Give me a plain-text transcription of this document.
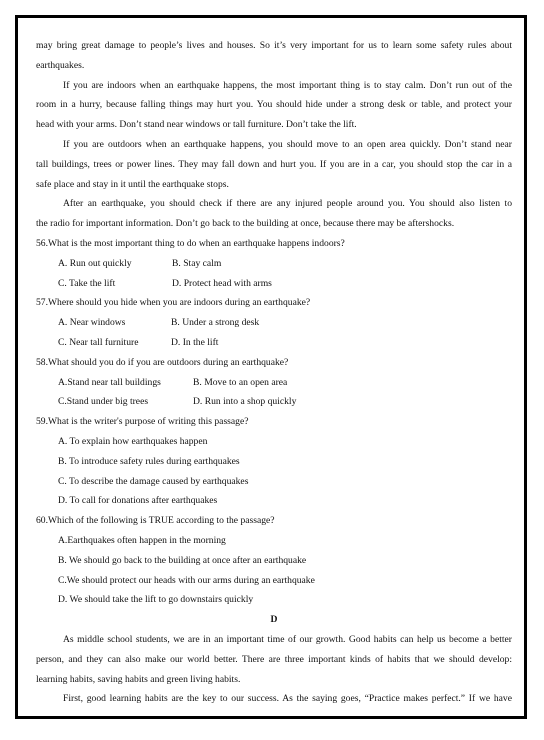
may bring great damage to people’s lives and houses. So it’s very important for us to learn some safety rules about
earthquakes.
If you are indoors when an earthquake happens, the most important thing is to stay calm. Don’t run out of the
room in a hurry, because falling things may hurt you. You should hide under a strong desk or table, and protect your
head with your arms. Don’t stand near windows or tall furniture. Don’t take the lift.
If you are outdoors when an earthquake happens, you should move to an open area quickly. Don’t stand near
tall buildings, trees or power lines. They may fall down and hurt you. If you are in a car, you should stop the car in a
safe place and stay in it until the earthquake stops.
After an earthquake, you should check if there are any injured people around you. You should also listen to
the radio for important information. Don’t go back to the building at once, because there may be aftershocks.
56.What is the most important thing to do when an earthquake happens indoors?
A. Run out quickly	B. Stay calm
C. Take the lift	D. Protect head with arms
57.Where should you hide when you are indoors during an earthquake?
A. Near windows	B. Under a strong desk
C. Near tall furniture	D. In the lift
58.What should you do if you are outdoors during an earthquake?
A.Stand near tall buildings	B. Move to an open area
C.Stand under big trees	D. Run into a shop quickly
59.What is the writer's purpose of writing this passage?
A. To explain how earthquakes happen
B. To introduce safety rules during earthquakes
C. To describe the damage caused by earthquakes
D. To call for donations after earthquakes
60.Which of the following is TRUE according to the passage?
A.Earthquakes often happen in the morning
B. We should go back to the building at once after an earthquake
C.We should protect our heads with our arms during an earthquake
D. We should take the lift to go downstairs quickly
D
As middle school students, we are in an important time of our growth. Good habits can help us become a better
person, and they can also make our world better. There are three important kinds of habits that we should develop:
learning habits, saving habits and green living habits.
First, good learning habits are the key to our success. As the saying goes, “Practice makes perfect.” If we have
